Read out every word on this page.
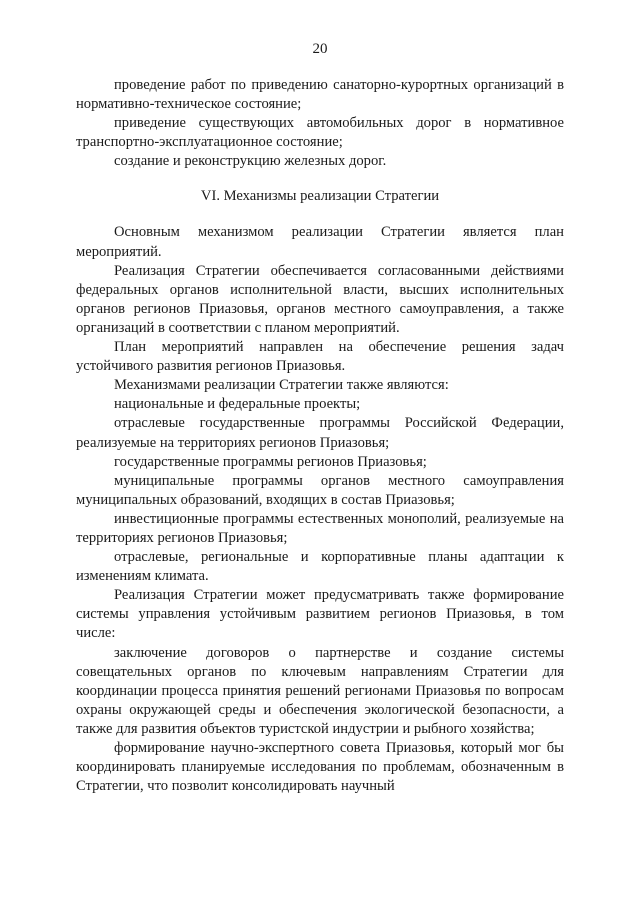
20

проведение работ по приведению санаторно-курортных организаций в нормативно-техническое состояние;

приведение существующих автомобильных дорог в нормативное транспортно-эксплуатационное состояние;

создание и реконструкцию железных дорог.

VI. Механизмы реализации Стратегии

Основным механизмом реализации Стратегии является план мероприятий.

Реализация Стратегии обеспечивается согласованными действиями федеральных органов исполнительной власти, высших исполнительных органов регионов Приазовья, органов местного самоуправления, а также организаций в соответствии с планом мероприятий.

План мероприятий направлен на обеспечение решения задач устойчивого развития регионов Приазовья.

Механизмами реализации Стратегии также являются:

национальные и федеральные проекты;

отраслевые государственные программы Российской Федерации, реализуемые на территориях регионов Приазовья;

государственные программы регионов Приазовья;

муниципальные программы органов местного самоуправления муниципальных образований, входящих в состав Приазовья;

инвестиционные программы естественных монополий, реализуемые на территориях регионов Приазовья;

отраслевые, региональные и корпоративные планы адаптации к изменениям климата.

Реализация Стратегии может предусматривать также формирование системы управления устойчивым развитием регионов Приазовья, в том числе:

заключение договоров о партнерстве и создание системы совещательных органов по ключевым направлениям Стратегии для координации процесса принятия решений регионами Приазовья по вопросам охраны окружающей среды и обеспечения экологической безопасности, а также для развития объектов туристской индустрии и рыбного хозяйства;

формирование научно-экспертного совета Приазовья, который мог бы координировать планируемые исследования по проблемам, обозначенным в Стратегии, что позволит консолидировать научный
